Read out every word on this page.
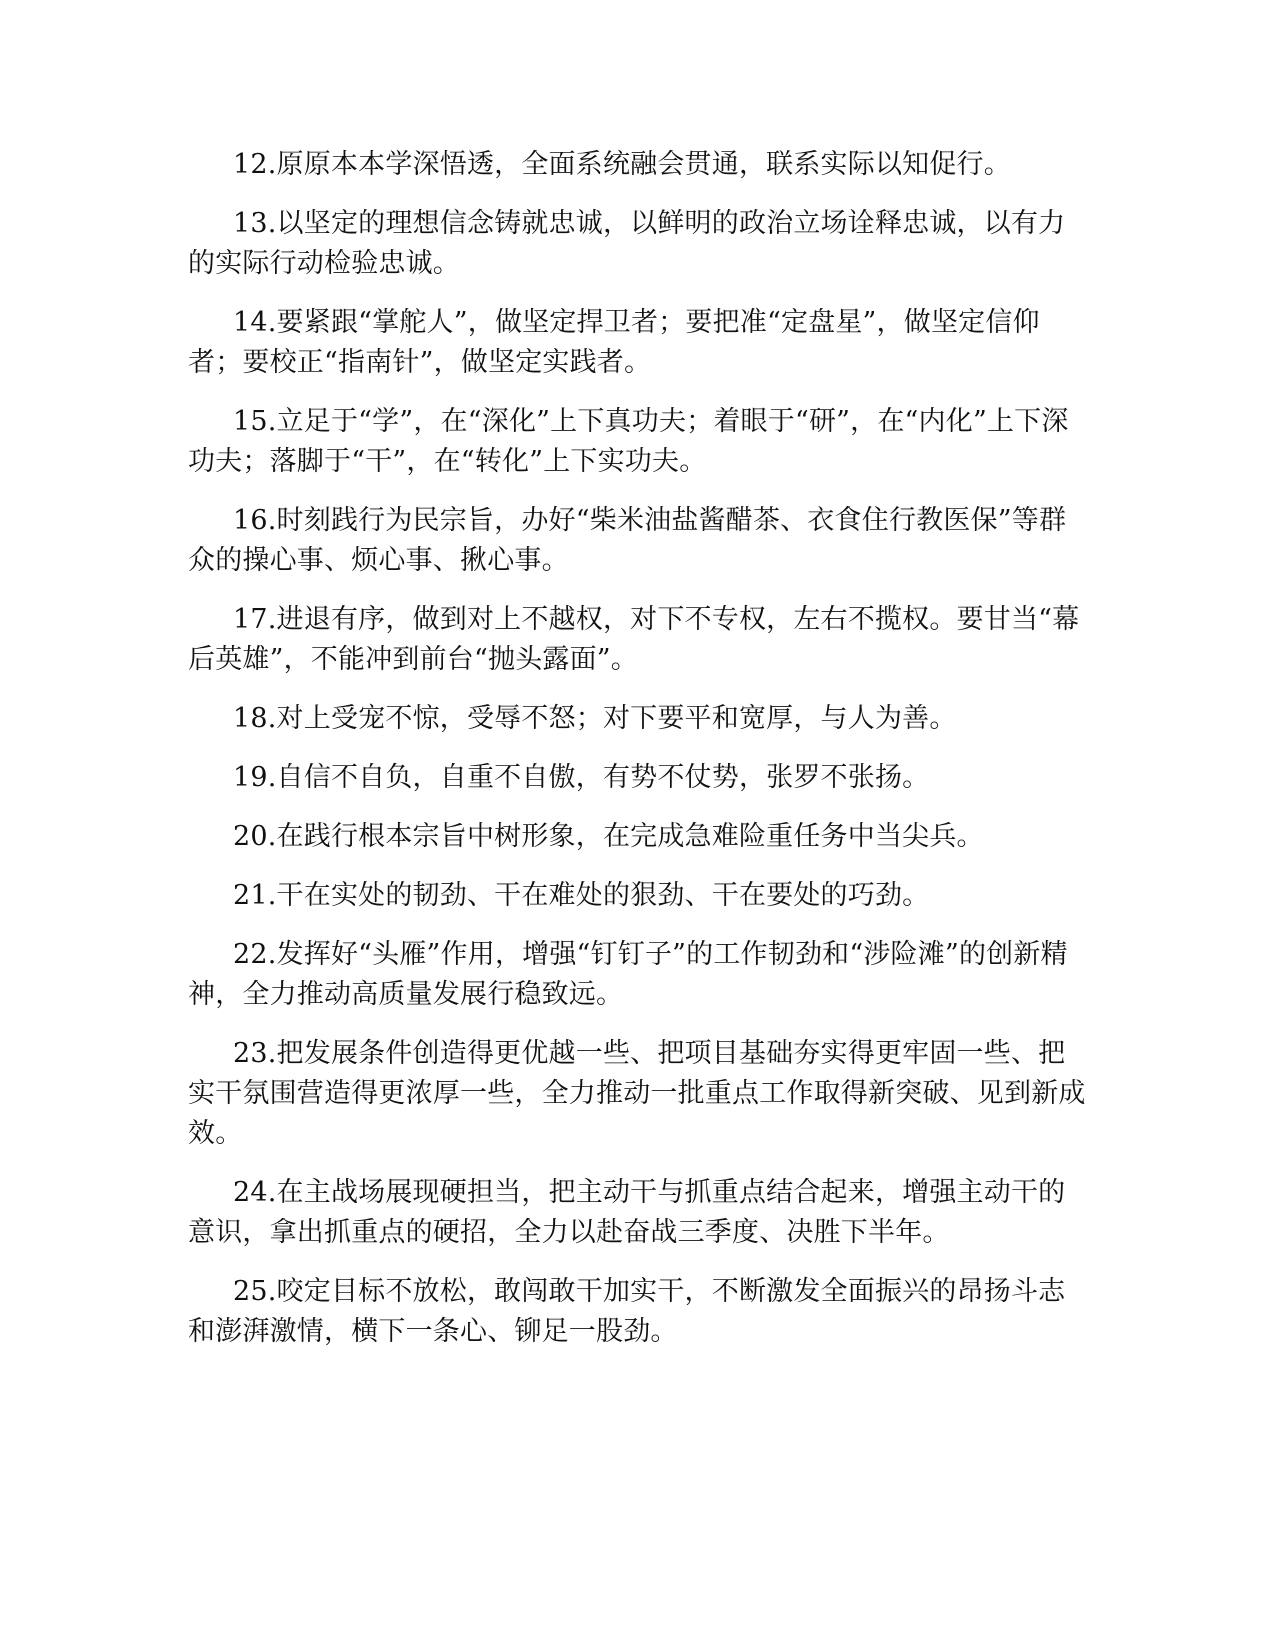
12.原原本本学深悟透，全面系统融会贯通，联系实际以知促行。

13.以坚定的理想信念铸就忠诚，以鲜明的政治立场诠释忠诚，以有力的实际行动检验忠诚。

14.要紧跟“掌舵人”，做坚定捍卫者；要把准“定盘星”，做坚定信仰者；要校正“指南针”，做坚定实践者。

15.立足于“学”，在“深化”上下真功夫；着眼于“研”，在“内化”上下深功夫；落脚于“干”，在“转化”上下实功夫。

16.时刻践行为民宗旨，办好“柴米油盐酱醋茶、衣食住行教医保”等群众的操心事、烦心事、揪心事。

17.进退有序，做到对上不越权，对下不专权，左右不揽权。要甘当“幕后英雄”，不能冲到前台“抛头露面”。

18.对上受宠不惊，受辱不怒；对下要平和宽厚，与人为善。

19.自信不自负，自重不自傲，有势不仗势，张罗不张扬。

20.在践行根本宗旨中树形象，在完成急难险重任务中当尖兵。

21.干在实处的韧劲、干在难处的狠劲、干在要处的巧劲。

22.发挥好“头雁”作用，增强“钉钉子”的工作韧劲和“涉险滩”的创新精神，全力推动高质量发展行稳致远。

23.把发展条件创造得更优越一些、把项目基础夯实得更牢固一些、把实干氛围营造得更浓厚一些，全力推动一批重点工作取得新突破、见到新成效。

24.在主战场展现硬担当，把主动干与抓重点结合起来，增强主动干的意识，拿出抓重点的硬招，全力以赴奋战三季度、决胜下半年。

25.咬定目标不放松，敢闯敢干加实干，不断激发全面振兴的昂扬斗志和澎湃激情，横下一条心、铆足一股劲。
